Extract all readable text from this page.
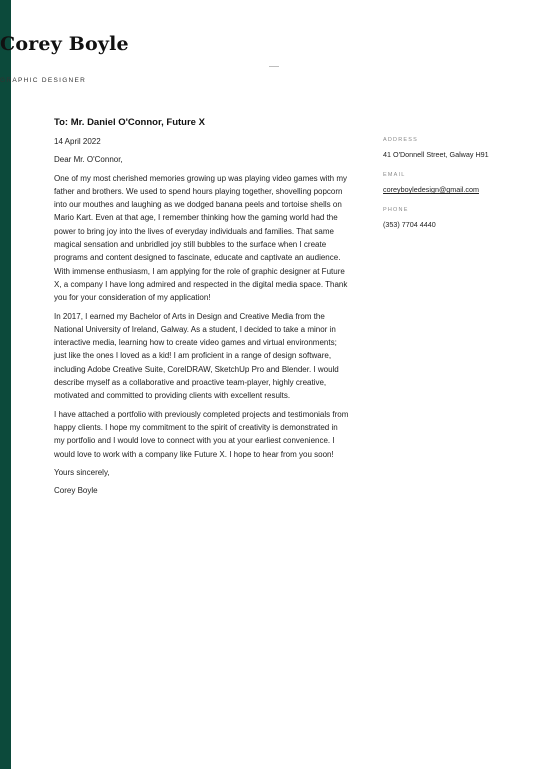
Corey Boyle
GRAPHIC DESIGNER
To: Mr. Daniel O'Connor, Future X

14 April 2022

Dear Mr. O'Connor,

One of my most cherished memories growing up was playing video games with my father and brothers. We used to spend hours playing together, shovelling popcorn into our mouthes and laughing as we dodged banana peels and tortoise shells on Mario Kart. Even at that age, I remember thinking how the gaming world had the power to bring joy into the lives of everyday individuals and families. That same magical sensation and unbridled joy still bubbles to the surface when I create programs and content designed to fascinate, educate and captivate an audience. With immense enthusiasm, I am applying for the role of graphic designer at Future X, a company I have long admired and respected in the digital media space. Thank you for your consideration of my application!

In 2017, I earned my Bachelor of Arts in Design and Creative Media from the National University of Ireland, Galway. As a student, I decided to take a minor in interactive media, learning how to create video games and virtual environments; just like the ones I loved as a kid! I am proficient in a range of design software, including Adobe Creative Suite, CorelDRAW, SketchUp Pro and Blender. I would describe myself as a collaborative and proactive team-player, highly creative, motivated and committed to providing clients with excellent results.

I have attached a portfolio with previously completed projects and testimonials from happy clients. I hope my commitment to the spirit of creativity is demonstrated in my portfolio and I would love to connect with you at your earliest convenience. I would love to work with a company like Future X. I hope to hear from you soon!

Yours sincerely,

Corey Boyle

ADDRESS
41 O'Donnell Street, Galway H91
EMAIL
coreyboyledesign@gmail.com
PHONE
(353) 7704 4440
